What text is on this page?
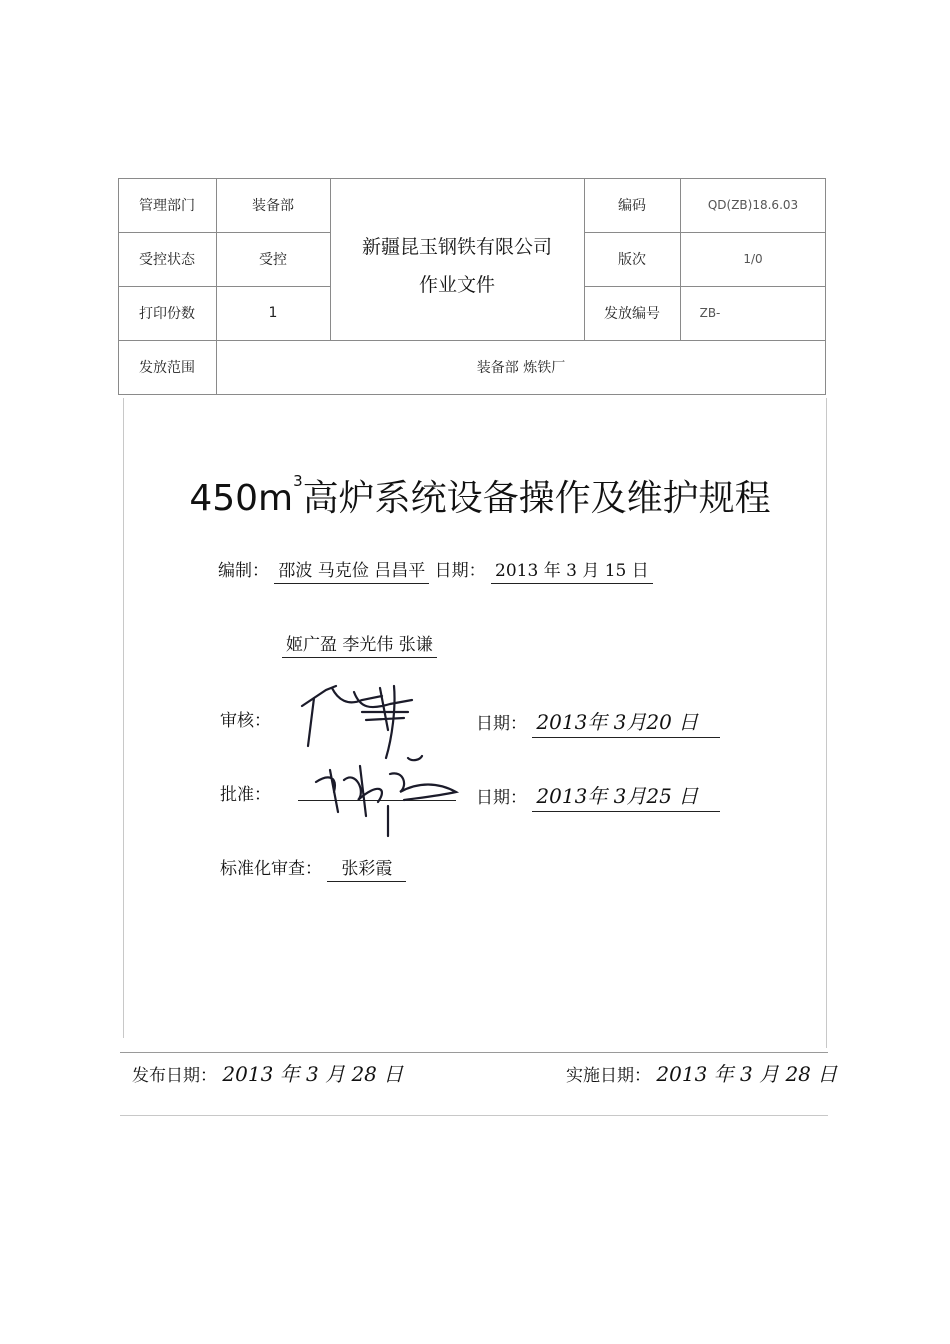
管理部门	装备部	编码	QD(ZB)18.6.03
受控状态	受控	版次	1/0
打印份数	1	发放编号	ZB-
新疆昆玉钢铁有限公司
作业文件
发放范围	装备部 炼铁厂
$450m^3$高炉系统设备操作及维护规程
编制： 邵波 马克俭 吕昌平 日期： 2013 年 3 月 15 日
姬广盈 李光伟 张谦
审核：	日期： 2013年 3月20 日
批准：	日期： 2013年 3月25 日
标准化审查： 张彩霞
发布日期： 2013 年 3 月 28 日	实施日期： 2013 年 3 月 28 日
